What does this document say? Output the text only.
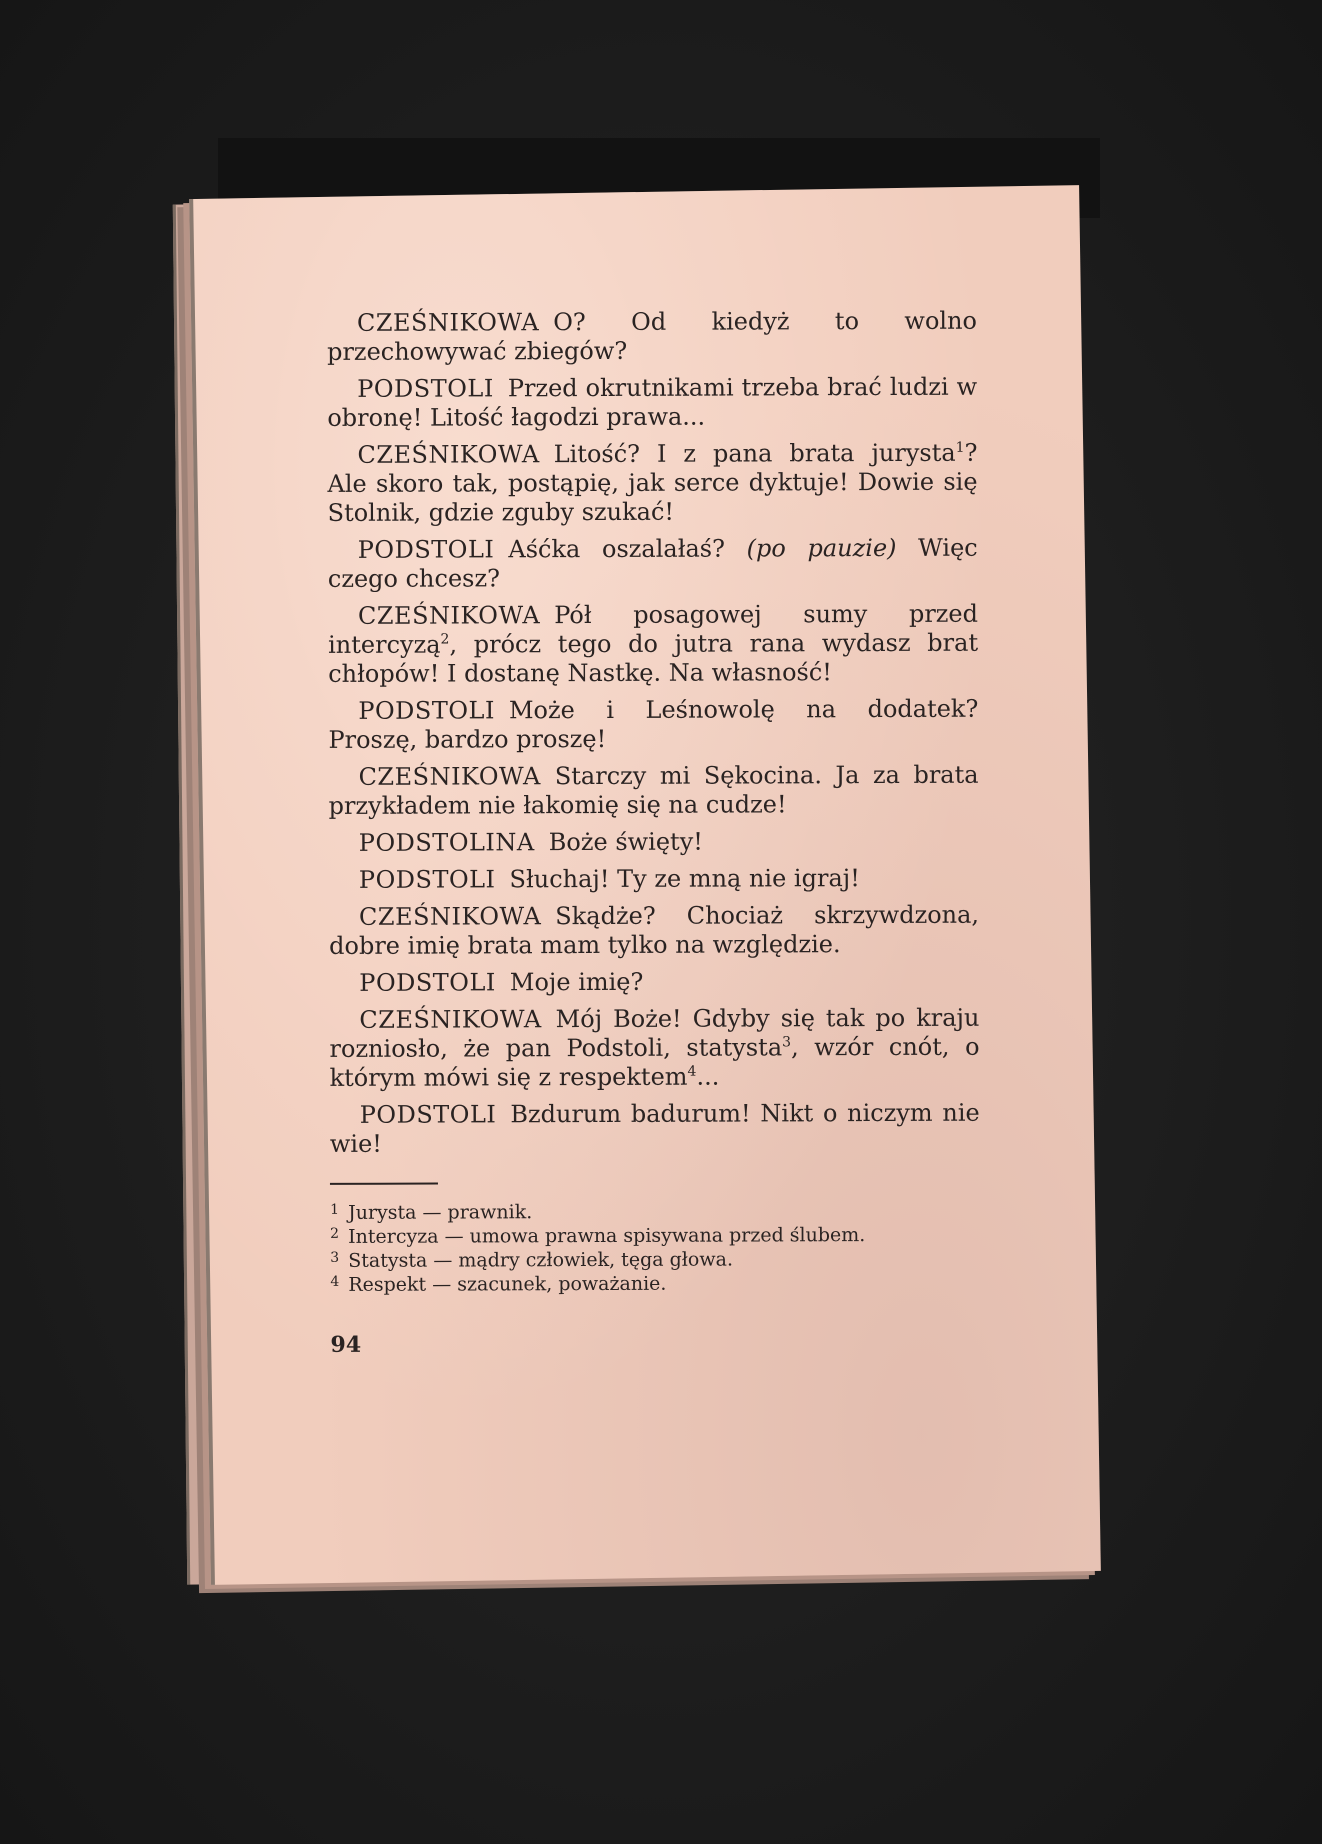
CZEŚNIKOWA O? Od kiedyż to wolno przechowywać zbiegów?

PODSTOLI Przed okrutnikami trzeba brać ludzi w obronę! Litość łagodzi prawa...

CZEŚNIKOWA Litość? I z pana brata jurysta$^1$? Ale skoro tak, postąpię, jak serce dyktuje! Dowie się Stolnik, gdzie zguby szukać!

PODSTOLI Aśćka oszalałaś? (po pauzie) Więc czego chcesz?

CZEŚNIKOWA Pół posagowej sumy przed intercyzą$^2$, prócz tego do jutra rana wydasz brat chłopów! I dostanę Nastkę. Na własność!

PODSTOLI Może i Leśnowolę na dodatek? Proszę, bardzo proszę!

CZEŚNIKOWA Starczy mi Sękocina. Ja za brata przykładem nie łakomię się na cudze!

PODSTOLINA Boże święty!

PODSTOLI Słuchaj! Ty ze mną nie igraj!

CZEŚNIKOWA Skądże? Chociaż skrzywdzona, dobre imię brata mam tylko na względzie.

PODSTOLI Moje imię?

CZEŚNIKOWA Mój Boże! Gdyby się tak po kraju rozniosło, że pan Podstoli, statysta$^3$, wzór cnót, o którym mówi się z respektem$^4$...

PODSTOLI Bzdurum badurum! Nikt o niczym nie wie!

1 Jurysta — prawnik.

2 Intercyza — umowa prawna spisywana przed ślubem.

3 Statysta — mądry człowiek, tęga głowa.

4 Respekt — szacunek, poważanie.

94
